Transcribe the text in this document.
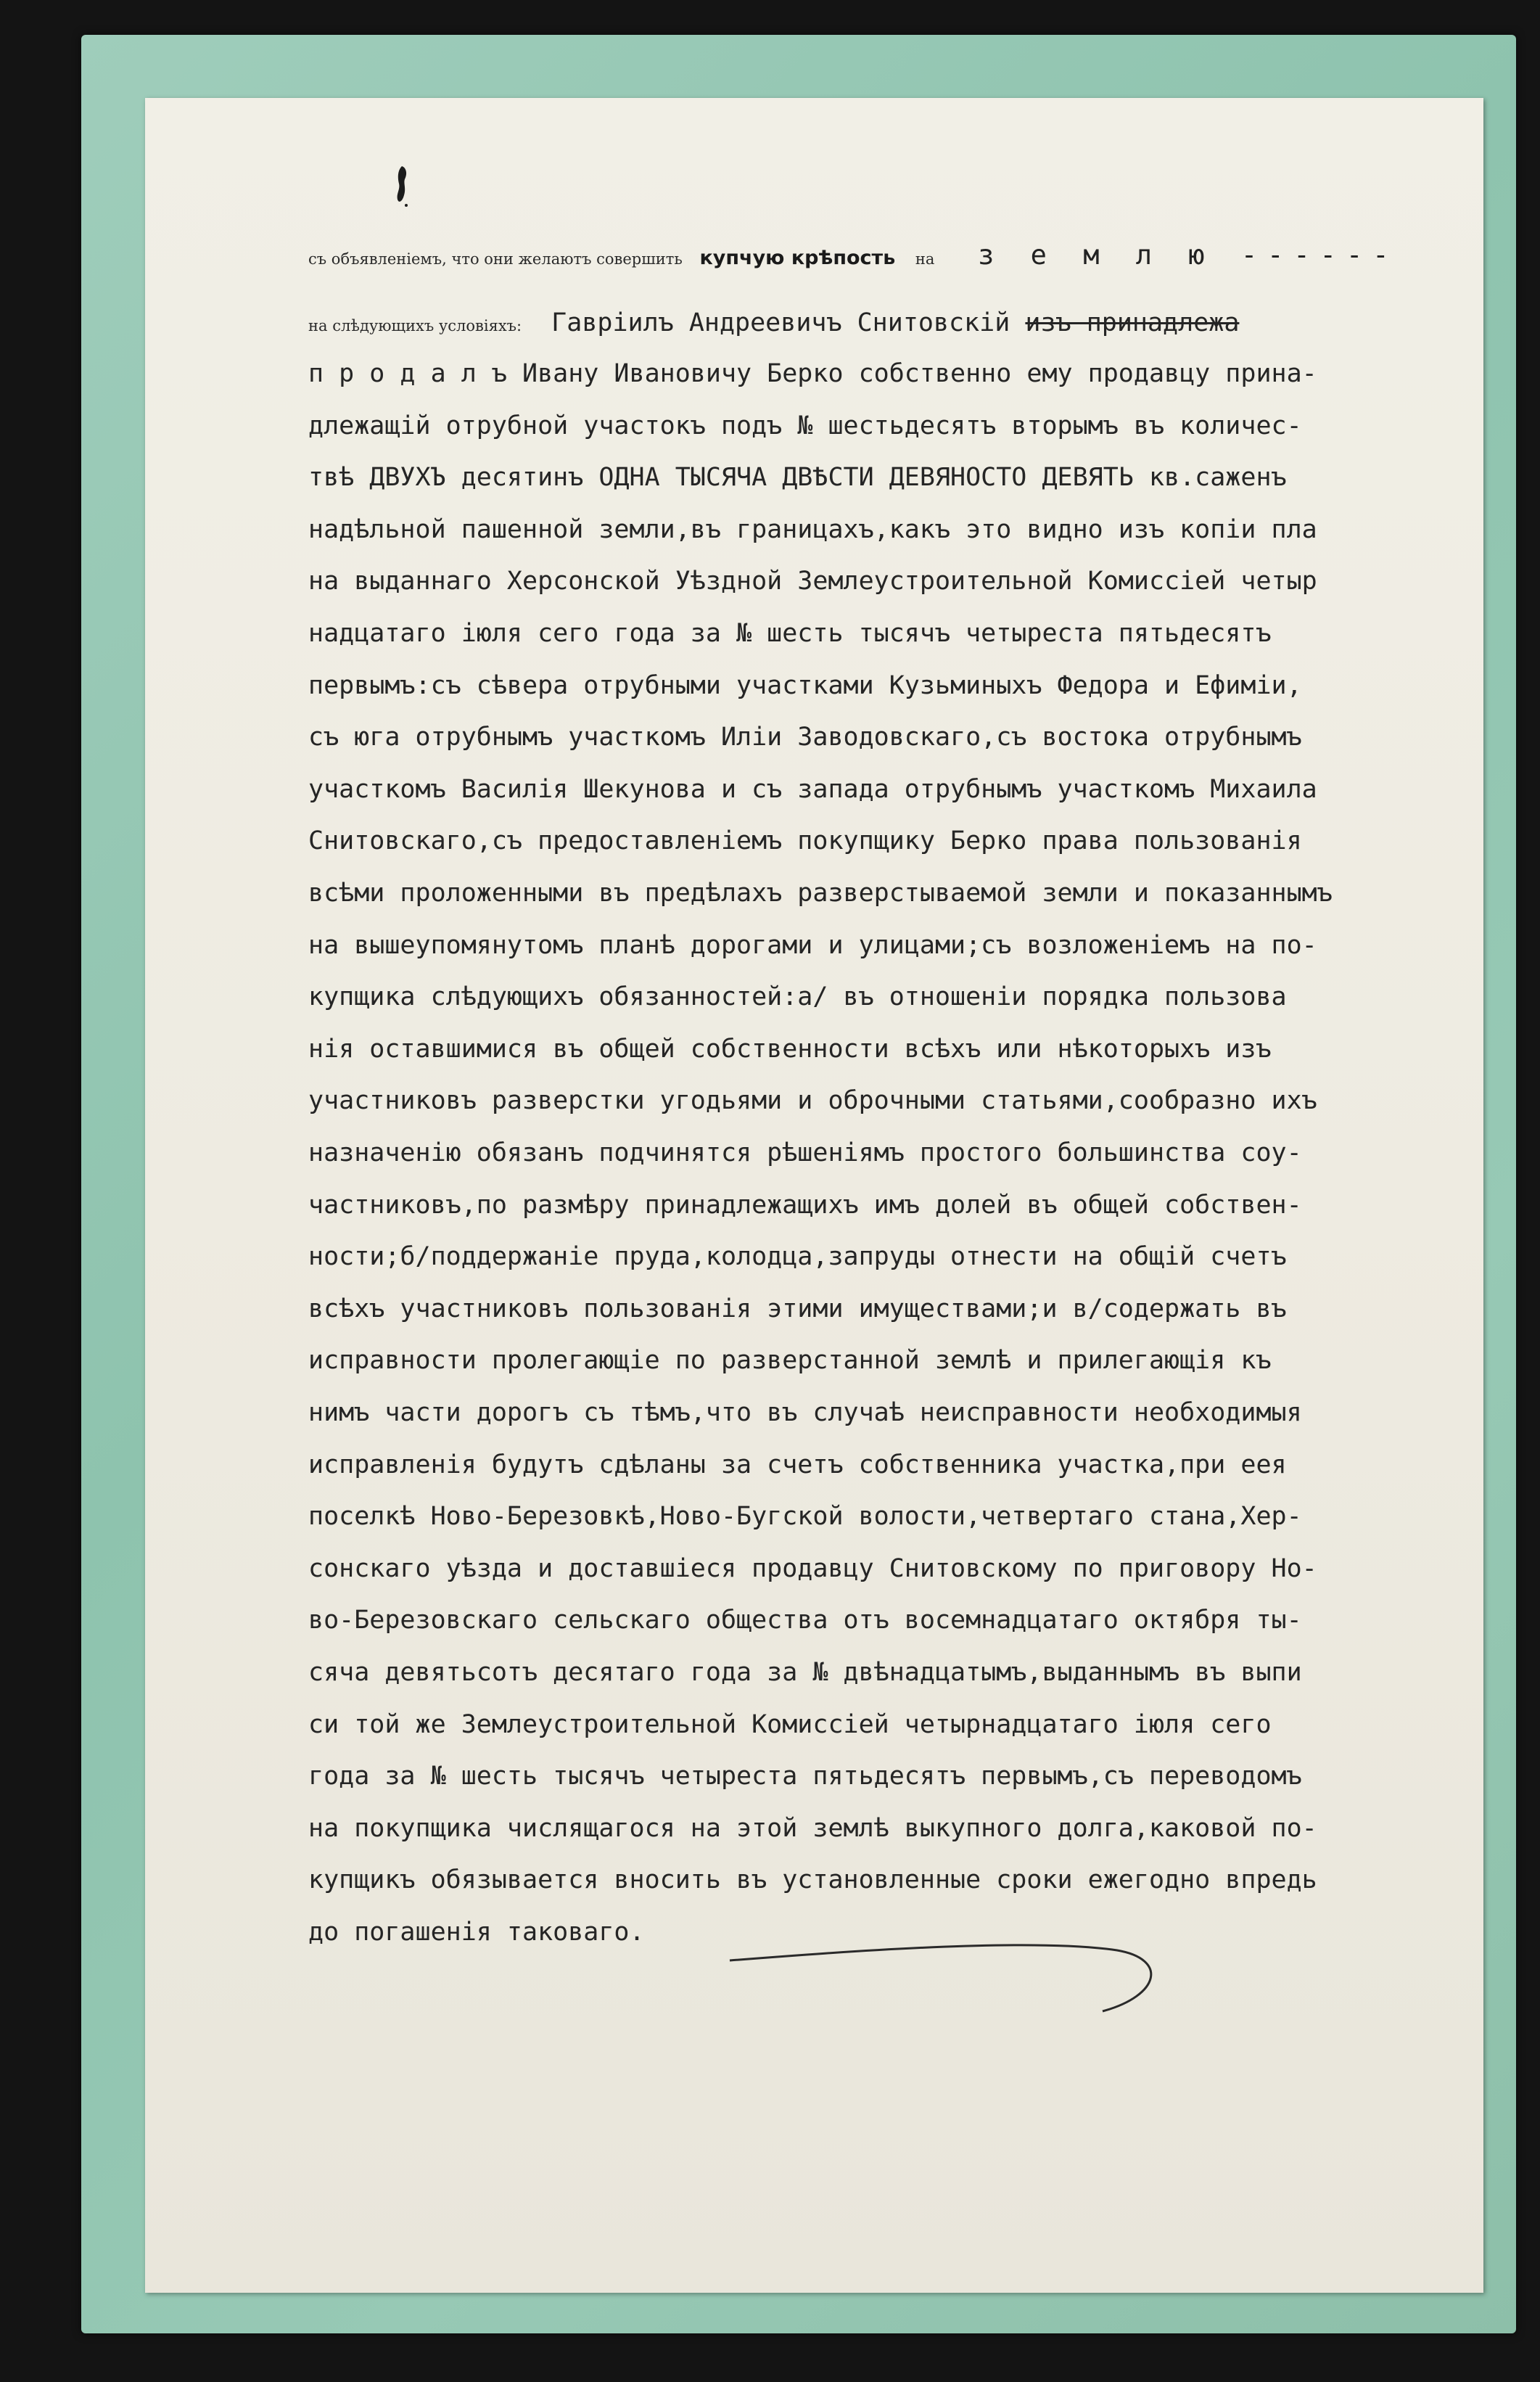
съ объявленіемъ, что они желаютъ совершить купчую крѣпость на з е м л ю ------
на слѣдующихъ условіяхъ: Гавріилъ Андреевичъ Снитовскій изъ принадлежа
п р о д а л ъ Ивану Ивановичу Берко собственно ему продавцу прина-
длежащій отрубной участокъ подъ № шестьдесятъ вторымъ въ количес-
твѣ ДВУХЪ десятинъ ОДНА ТЫСЯЧА ДВѢСТИ ДЕВЯНОСТО ДЕВЯТЬ кв.саженъ
надѣльной пашенной земли,въ границахъ,какъ это видно изъ копіи пла
на выданнаго Херсонской Уѣздной Землеустроительной Комиссіей четыр
надцатаго іюля сего года за № шесть тысячъ четыреста пятьдесятъ
первымъ:съ сѣвера отрубными участками Кузьминыхъ Федора и Ефиміи,
съ юга отрубнымъ участкомъ Иліи Заводовскаго,съ востока отрубнымъ
участкомъ Василія Шекунова и съ запада отрубнымъ участкомъ Михаила
Снитовскаго,съ предоставленіемъ покупщику Берко права пользованія
всѣми проложенными въ предѣлахъ разверстываемой земли и показаннымъ
на вышеупомянутомъ планѣ дорогами и улицами;съ возложеніемъ на по-
купщика слѣдующихъ обязанностей:а/ въ отношеніи порядка пользова
нія оставшимися въ общей собственности всѣхъ или нѣкоторыхъ изъ
участниковъ разверстки угодьями и оброчными статьями,сообразно ихъ
назначенію обязанъ подчинятся рѣшеніямъ простого большинства соу-
частниковъ,по размѣру принадлежащихъ имъ долей въ общей собствен-
ности;б/поддержаніе пруда,колодца,запруды отнести на общій счетъ
всѣхъ участниковъ пользованія этими имуществами;и в/содержать въ
исправности пролегающіе по разверстанной землѣ и прилегающія къ
нимъ части дорогъ съ тѣмъ,что въ случаѣ неисправности необходимыя
исправленія будутъ сдѣланы за счетъ собственника участка,при еея
поселкѣ Ново-Березовкѣ,Ново-Бугской волости,четвертаго стана,Хер-
сонскаго уѣзда и доставшіеся продавцу Снитовскому по приговору Но-
во-Березовскаго сельскаго общества отъ восемнадцатаго октября ты-
сяча девятьсотъ десятаго года за № двѣнадцатымъ,выданнымъ въ выпи
си той же Землеустроительной Комиссіей четырнадцатаго іюля сего
года за № шесть тысячъ четыреста пятьдесятъ первымъ,съ переводомъ
на покупщика числящагося на этой землѣ выкупного долга,каковой по-
купщикъ обязывается вносить въ установленные сроки ежегодно впредь
до погашенія таковаго.
